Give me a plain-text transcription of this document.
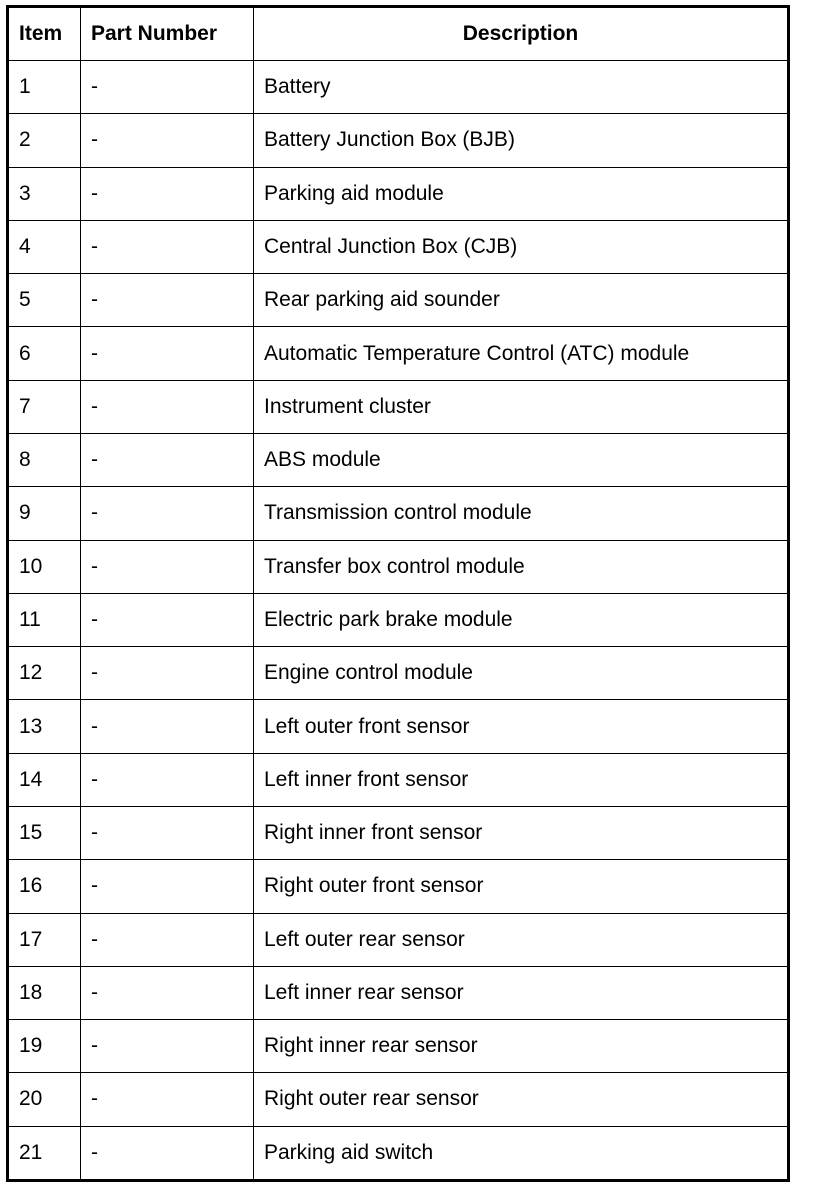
Item	Part Number	Description
1	-	Battery
2	-	Battery Junction Box (BJB)
3	-	Parking aid module
4	-	Central Junction Box (CJB)
5	-	Rear parking aid sounder
6	-	Automatic Temperature Control (ATC) module
7	-	Instrument cluster
8	-	ABS module
9	-	Transmission control module
10	-	Transfer box control module
11	-	Electric park brake module
12	-	Engine control module
13	-	Left outer front sensor
14	-	Left inner front sensor
15	-	Right inner front sensor
16	-	Right outer front sensor
17	-	Left outer rear sensor
18	-	Left inner rear sensor
19	-	Right inner rear sensor
20	-	Right outer rear sensor
21	-	Parking aid switch
